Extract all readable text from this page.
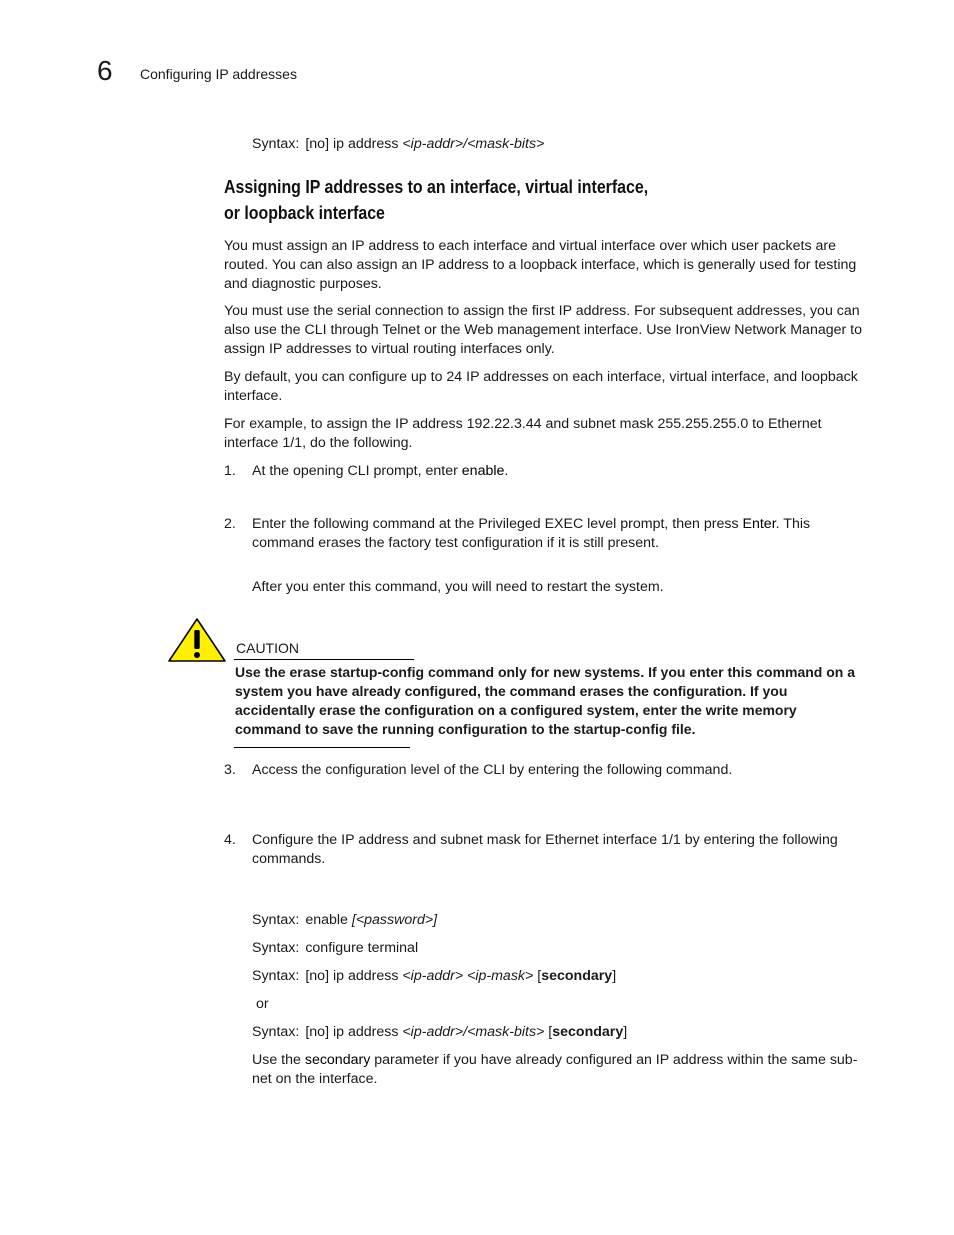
6 Configuring IP addresses
Syntax: [no] ip address <ip-addr>/<mask-bits>
Assigning IP addresses to an interface, virtual interface,
or loopback interface
You must assign an IP address to each interface and virtual interface over which user packets are routed. You can also assign an IP address to a loopback interface, which is generally used for testing and diagnostic purposes.
You must use the serial connection to assign the first IP address. For subsequent addresses, you can also use the CLI through Telnet or the Web management interface. Use IronView Network Manager to assign IP addresses to virtual routing interfaces only.
By default, you can configure up to 24 IP addresses on each interface, virtual interface, and loopback interface.
For example, to assign the IP address 192.22.3.44 and subnet mask 255.255.255.0 to Ethernet interface 1/1, do the following.
1.	At the opening CLI prompt, enter enable.
2.	Enter the following command at the Privileged EXEC level prompt, then press Enter. This command erases the factory test configuration if it is still present.
After you enter this command, you will need to restart the system.
CAUTION
Use the erase startup-config command only for new systems. If you enter this command on a system you have already configured, the command erases the configuration. If you accidentally erase the configuration on a configured system, enter the write memory command to save the running configuration to the startup-config file.
3.	Access the configuration level of the CLI by entering the following command.
4.	Configure the IP address and subnet mask for Ethernet interface 1/1 by entering the following commands.
Syntax: enable [<password>]
Syntax: configure terminal
Syntax: [no] ip address <ip-addr> <ip-mask> [secondary]
or
Syntax: [no] ip address <ip-addr>/<mask-bits> [secondary]
Use the secondary parameter if you have already configured an IP address within the same sub-net on the interface.
